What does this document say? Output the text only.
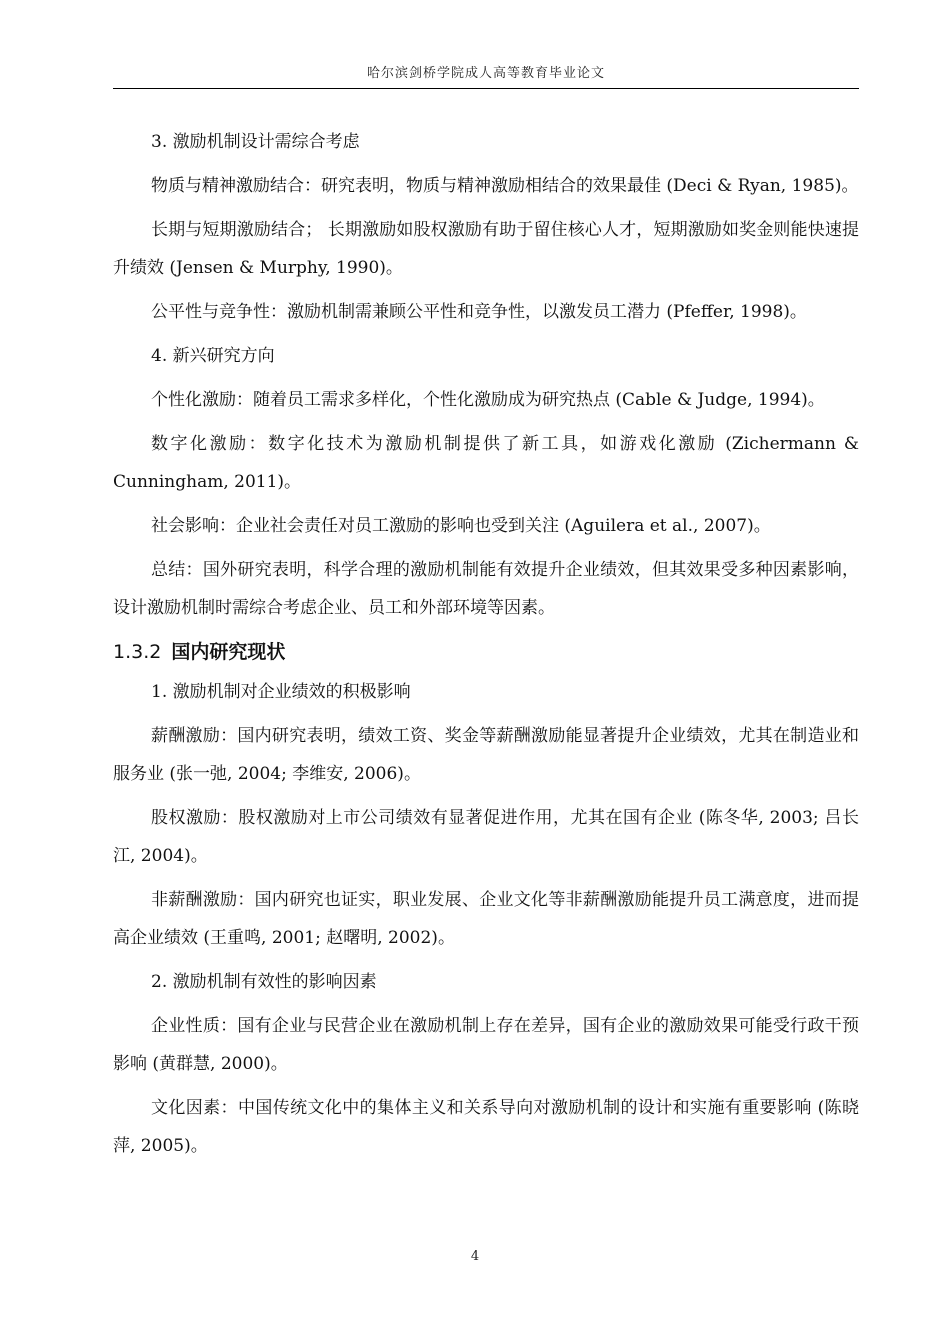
哈尔滨剑桥学院成人高等教育毕业论文

3. 激励机制设计需综合考虑

物质与精神激励结合：研究表明，物质与精神激励相结合的效果最佳 (Deci & Ryan, 1985)。

长期与短期激励结合； 长期激励如股权激励有助于留住核心人才，短期激励如奖金则能快速提升绩效 (Jensen & Murphy, 1990)。

公平性与竞争性：激励机制需兼顾公平性和竞争性，以激发员工潜力 (Pfeffer, 1998)。

4. 新兴研究方向

个性化激励：随着员工需求多样化，个性化激励成为研究热点 (Cable & Judge, 1994)。

数字化激励：数字化技术为激励机制提供了新工具，如游戏化激励 (Zichermann & Cunningham, 2011)。

社会影响：企业社会责任对员工激励的影响也受到关注 (Aguilera et al., 2007)。

总结：国外研究表明，科学合理的激励机制能有效提升企业绩效，但其效果受多种因素影响，设计激励机制时需综合考虑企业、员工和外部环境等因素。

1.3.2 国内研究现状

1. 激励机制对企业绩效的积极影响

薪酬激励：国内研究表明，绩效工资、奖金等薪酬激励能显著提升企业绩效，尤其在制造业和服务业 (张一弛, 2004; 李维安, 2006)。

股权激励：股权激励对上市公司绩效有显著促进作用，尤其在国有企业 (陈冬华, 2003; 吕长江, 2004)。

非薪酬激励：国内研究也证实，职业发展、企业文化等非薪酬激励能提升员工满意度，进而提高企业绩效 (王重鸣, 2001; 赵曙明, 2002)。

2. 激励机制有效性的影响因素

企业性质：国有企业与民营企业在激励机制上存在差异，国有企业的激励效果可能受行政干预影响 (黄群慧, 2000)。

文化因素：中国传统文化中的集体主义和关系导向对激励机制的设计和实施有重要影响 (陈晓萍, 2005)。

4
